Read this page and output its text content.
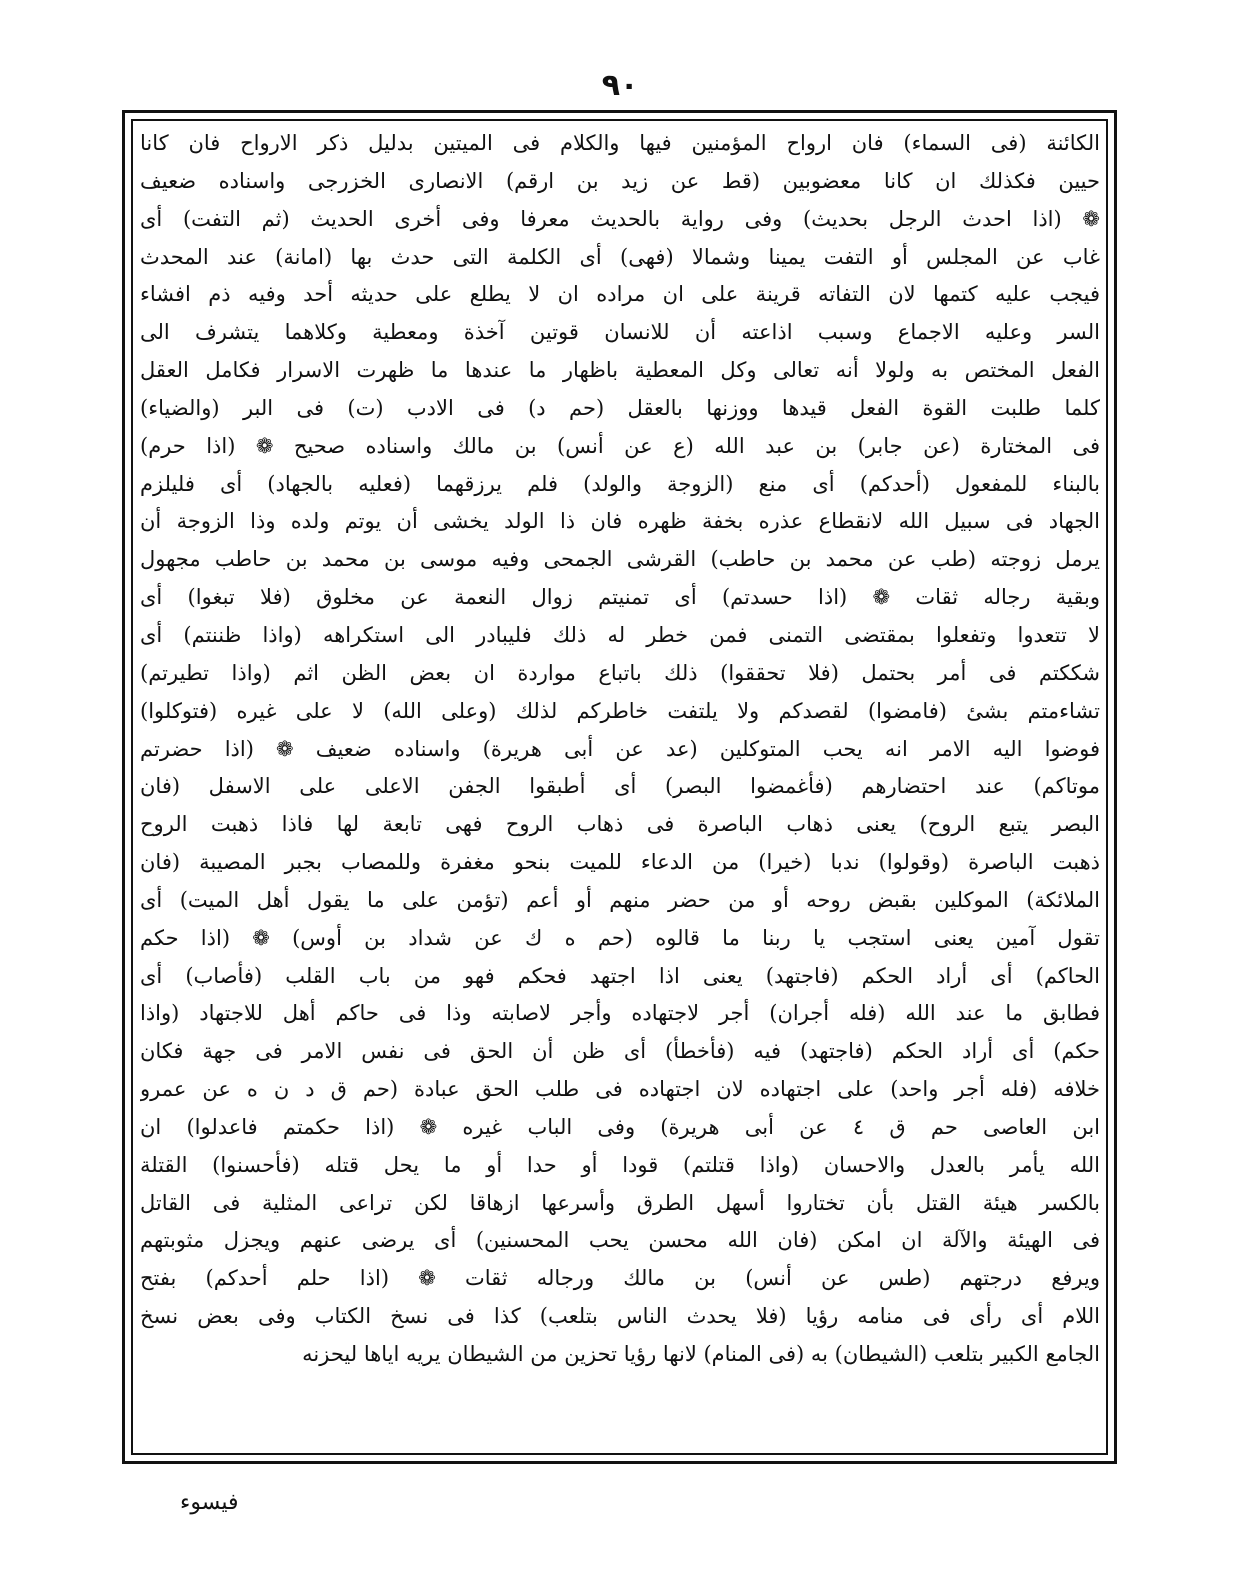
٩٠
الكائنة (فى السماء) فان ارواح المؤمنين فيها والكلام فى الميتين بدليل ذكر الارواح فان كانا
حيين فكذلك ان كانا معضوبين (قط عن زيد بن ارقم) الانصارى الخزرجى واسناده ضعيف
❁ (اذا احدث الرجل بحديث) وفى رواية بالحديث معرفا وفى أخرى الحديث (ثم التفت) أى
غاب عن المجلس أو التفت يمينا وشمالا (فهى) أى الكلمة التى حدث بها (امانة) عند المحدث
فيجب عليه كتمها لان التفاته قرينة على ان مراده ان لا يطلع على حديثه أحد وفيه ذم افشاء
السر وعليه الاجماع وسبب اذاعته أن للانسان قوتين آخذة ومعطية وكلاهما يتشرف الى
الفعل المختص به ولولا أنه تعالى وكل المعطية باظهار ما عندها ما ظهرت الاسرار فكامل العقل
كلما طلبت القوة الفعل قيدها ووزنها بالعقل (حم د) فى الادب (ت) فى البر (والضياء)
فى المختارة (عن جابر) بن عبد الله (ع عن أنس) بن مالك واسناده صحيح ❁ (اذا حرم)
بالبناء للمفعول (أحدكم) أى منع (الزوجة والولد) فلم يرزقهما (فعليه بالجهاد) أى فليلزم
الجهاد فى سبيل الله لانقطاع عذره بخفة ظهره فان ذا الولد يخشى أن يوتم ولده وذا الزوجة أن
يرمل زوجته (طب عن محمد بن حاطب) القرشى الجمحى وفيه موسى بن محمد بن حاطب مجهول
وبقية رجاله ثقات ❁ (اذا حسدتم) أى تمنيتم زوال النعمة عن مخلوق (فلا تبغوا) أى
لا تتعدوا وتفعلوا بمقتضى التمنى فمن خطر له ذلك فليبادر الى استكراهه (واذا ظننتم) أى
شككتم فى أمر بحتمل (فلا تحققوا) ذلك باتباع مواردة ان بعض الظن اثم (واذا تطيرتم)
تشاءمتم بشئ (فامضوا) لقصدكم ولا يلتفت خاطركم لذلك (وعلى الله) لا على غيره (فتوكلوا)
فوضوا اليه الامر انه يحب المتوكلين (عد عن أبى هريرة) واسناده ضعيف ❁ (اذا حضرتم
موتاكم) عند احتضارهم (فأغمضوا البصر) أى أطبقوا الجفن الاعلى على الاسفل (فان
البصر يتبع الروح) يعنى ذهاب الباصرة فى ذهاب الروح فهى تابعة لها فاذا ذهبت الروح
ذهبت الباصرة (وقولوا) ندبا (خيرا) من الدعاء للميت بنحو مغفرة وللمصاب بجبر المصيبة (فان
الملائكة) الموكلين بقبض روحه أو من حضر منهم أو أعم (تؤمن على ما يقول أهل الميت) أى
تقول آمين يعنى استجب يا ربنا ما قالوه (حم ه ك عن شداد بن أوس) ❁ (اذا حكم
الحاكم) أى أراد الحكم (فاجتهد) يعنى اذا اجتهد فحكم فهو من باب القلب (فأصاب) أى
فطابق ما عند الله (فله أجران) أجر لاجتهاده وأجر لاصابته وذا فى حاكم أهل للاجتهاد (واذا
حكم) أى أراد الحكم (فاجتهد) فيه (فأخطأ) أى ظن أن الحق فى نفس الامر فى جهة فكان
خلافه (فله أجر واحد) على اجتهاده لان اجتهاده فى طلب الحق عبادة (حم ق د ن ه عن عمرو
ابن العاصى حم ق ٤ عن أبى هريرة) وفى الباب غيره ❁ (اذا حكمتم فاعدلوا) ان
الله يأمر بالعدل والاحسان (واذا قتلتم) قودا أو حدا أو ما يحل قتله (فأحسنوا) القتلة
بالكسر هيئة القتل بأن تختاروا أسهل الطرق وأسرعها ازهاقا لكن تراعى المثلية فى القاتل
فى الهيئة والآلة ان امكن (فان الله محسن يحب المحسنين) أى يرضى عنهم ويجزل مثوبتهم
ويرفع درجتهم (طس عن أنس) بن مالك ورجاله ثقات ❁ (اذا حلم أحدكم) بفتح
اللام أى رأى فى منامه رؤيا (فلا يحدث الناس بتلعب) كذا فى نسخ الكتاب وفى بعض نسخ
الجامع الكبير بتلعب (الشيطان) به (فى المنام) لانها رؤيا تحزين من الشيطان يريه اياها ليحزنه
فيسوء
